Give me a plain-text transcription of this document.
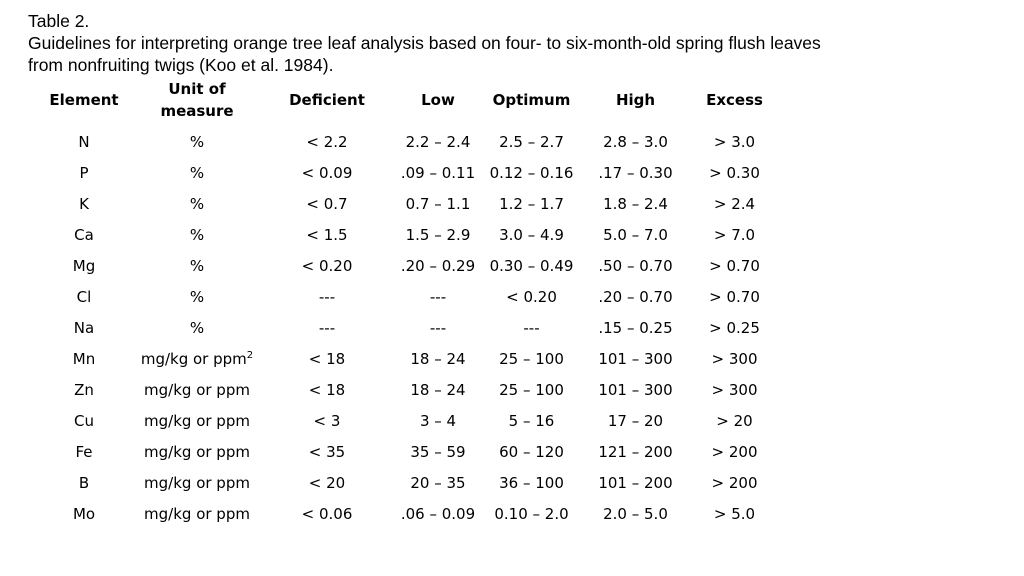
Table 2.
Guidelines for interpreting orange tree leaf analysis based on four- to six-month-old spring flush leaves
from nonfruiting twigs (Koo et al. 1984).
Element	Unit of measure	Deficient	Low	Optimum	High	Excess
N	%	< 2.2	2.2 – 2.4	2.5 – 2.7	2.8 – 3.0	> 3.0
P	%	< 0.09	.09 – 0.11	0.12 – 0.16	.17 – 0.30	> 0.30
K	%	< 0.7	0.7 – 1.1	1.2 – 1.7	1.8 – 2.4	> 2.4
Ca	%	< 1.5	1.5 – 2.9	3.0 – 4.9	5.0 – 7.0	> 7.0
Mg	%	< 0.20	.20 – 0.29	0.30 – 0.49	.50 – 0.70	> 0.70
Cl	%	---	---	< 0.20	.20 – 0.70	> 0.70
Na	%	---	---	---	.15 – 0.25	> 0.25
Mn	mg/kg or ppm$^2$	< 18	18 – 24	25 – 100	101 – 300	> 300
Zn	mg/kg or ppm	< 18	18 – 24	25 – 100	101 – 300	> 300
Cu	mg/kg or ppm	< 3	3 – 4	5 – 16	17 – 20	> 20
Fe	mg/kg or ppm	< 35	35 – 59	60 – 120	121 – 200	> 200
B	mg/kg or ppm	< 20	20 – 35	36 – 100	101 – 200	> 200
Mo	mg/kg or ppm	< 0.06	.06 – 0.09	0.10 – 2.0	2.0 – 5.0	> 5.0
